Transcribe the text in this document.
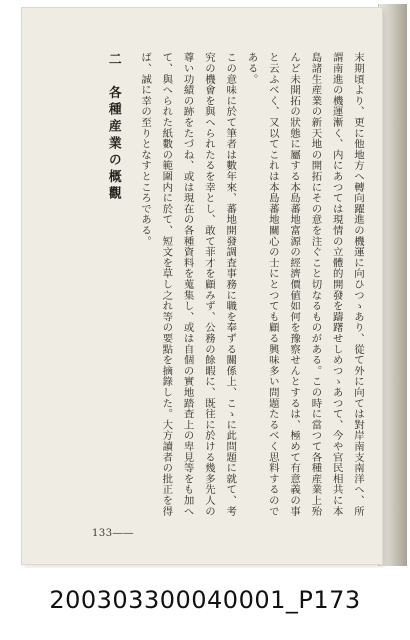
末期頃より、更に他地方へ轉向躍進の機運に向ひつゝあり、從て外に向ては對岸南支南洋へ、所謂南進の機運漸く、内にあつては現情の立體的開發を躊躇せしめつゝあつて、今や官民相共に本島諸生産業の新天地の開拓にその意を注ぐこと切なるものがある。この時に當つて各種産業上殆んど未開拓の狀態に屬する本島蕃地富源の經濟價値如何を豫察せんとするは、極めて有意義の事と云ふべく、又以てこれは本島蕃地關心の士にとつても顧る興味多い問題たるべく思料するのである。

この意味に於て筆者は數年來、蕃地開發調査事務に職を奉ずる關係上、こゝに此問題に就て、考究の機會を與へられたるを幸とし、敢て菲才を顧みず、公務の餘暇に、既往に於ける幾多先人の尊い功績の跡をたづね、或は現在の各種資料を蒐集し、或は自個の實地踏査上の卑見等をも加へて、與へられた紙數の範圍内に於て、短文を草し之れ等の要點を摘錄した。大方讀者の批正を得ば、誠に幸の至りとなすところである。

二　各種産業の概觀

133――
200303300040001_P173
